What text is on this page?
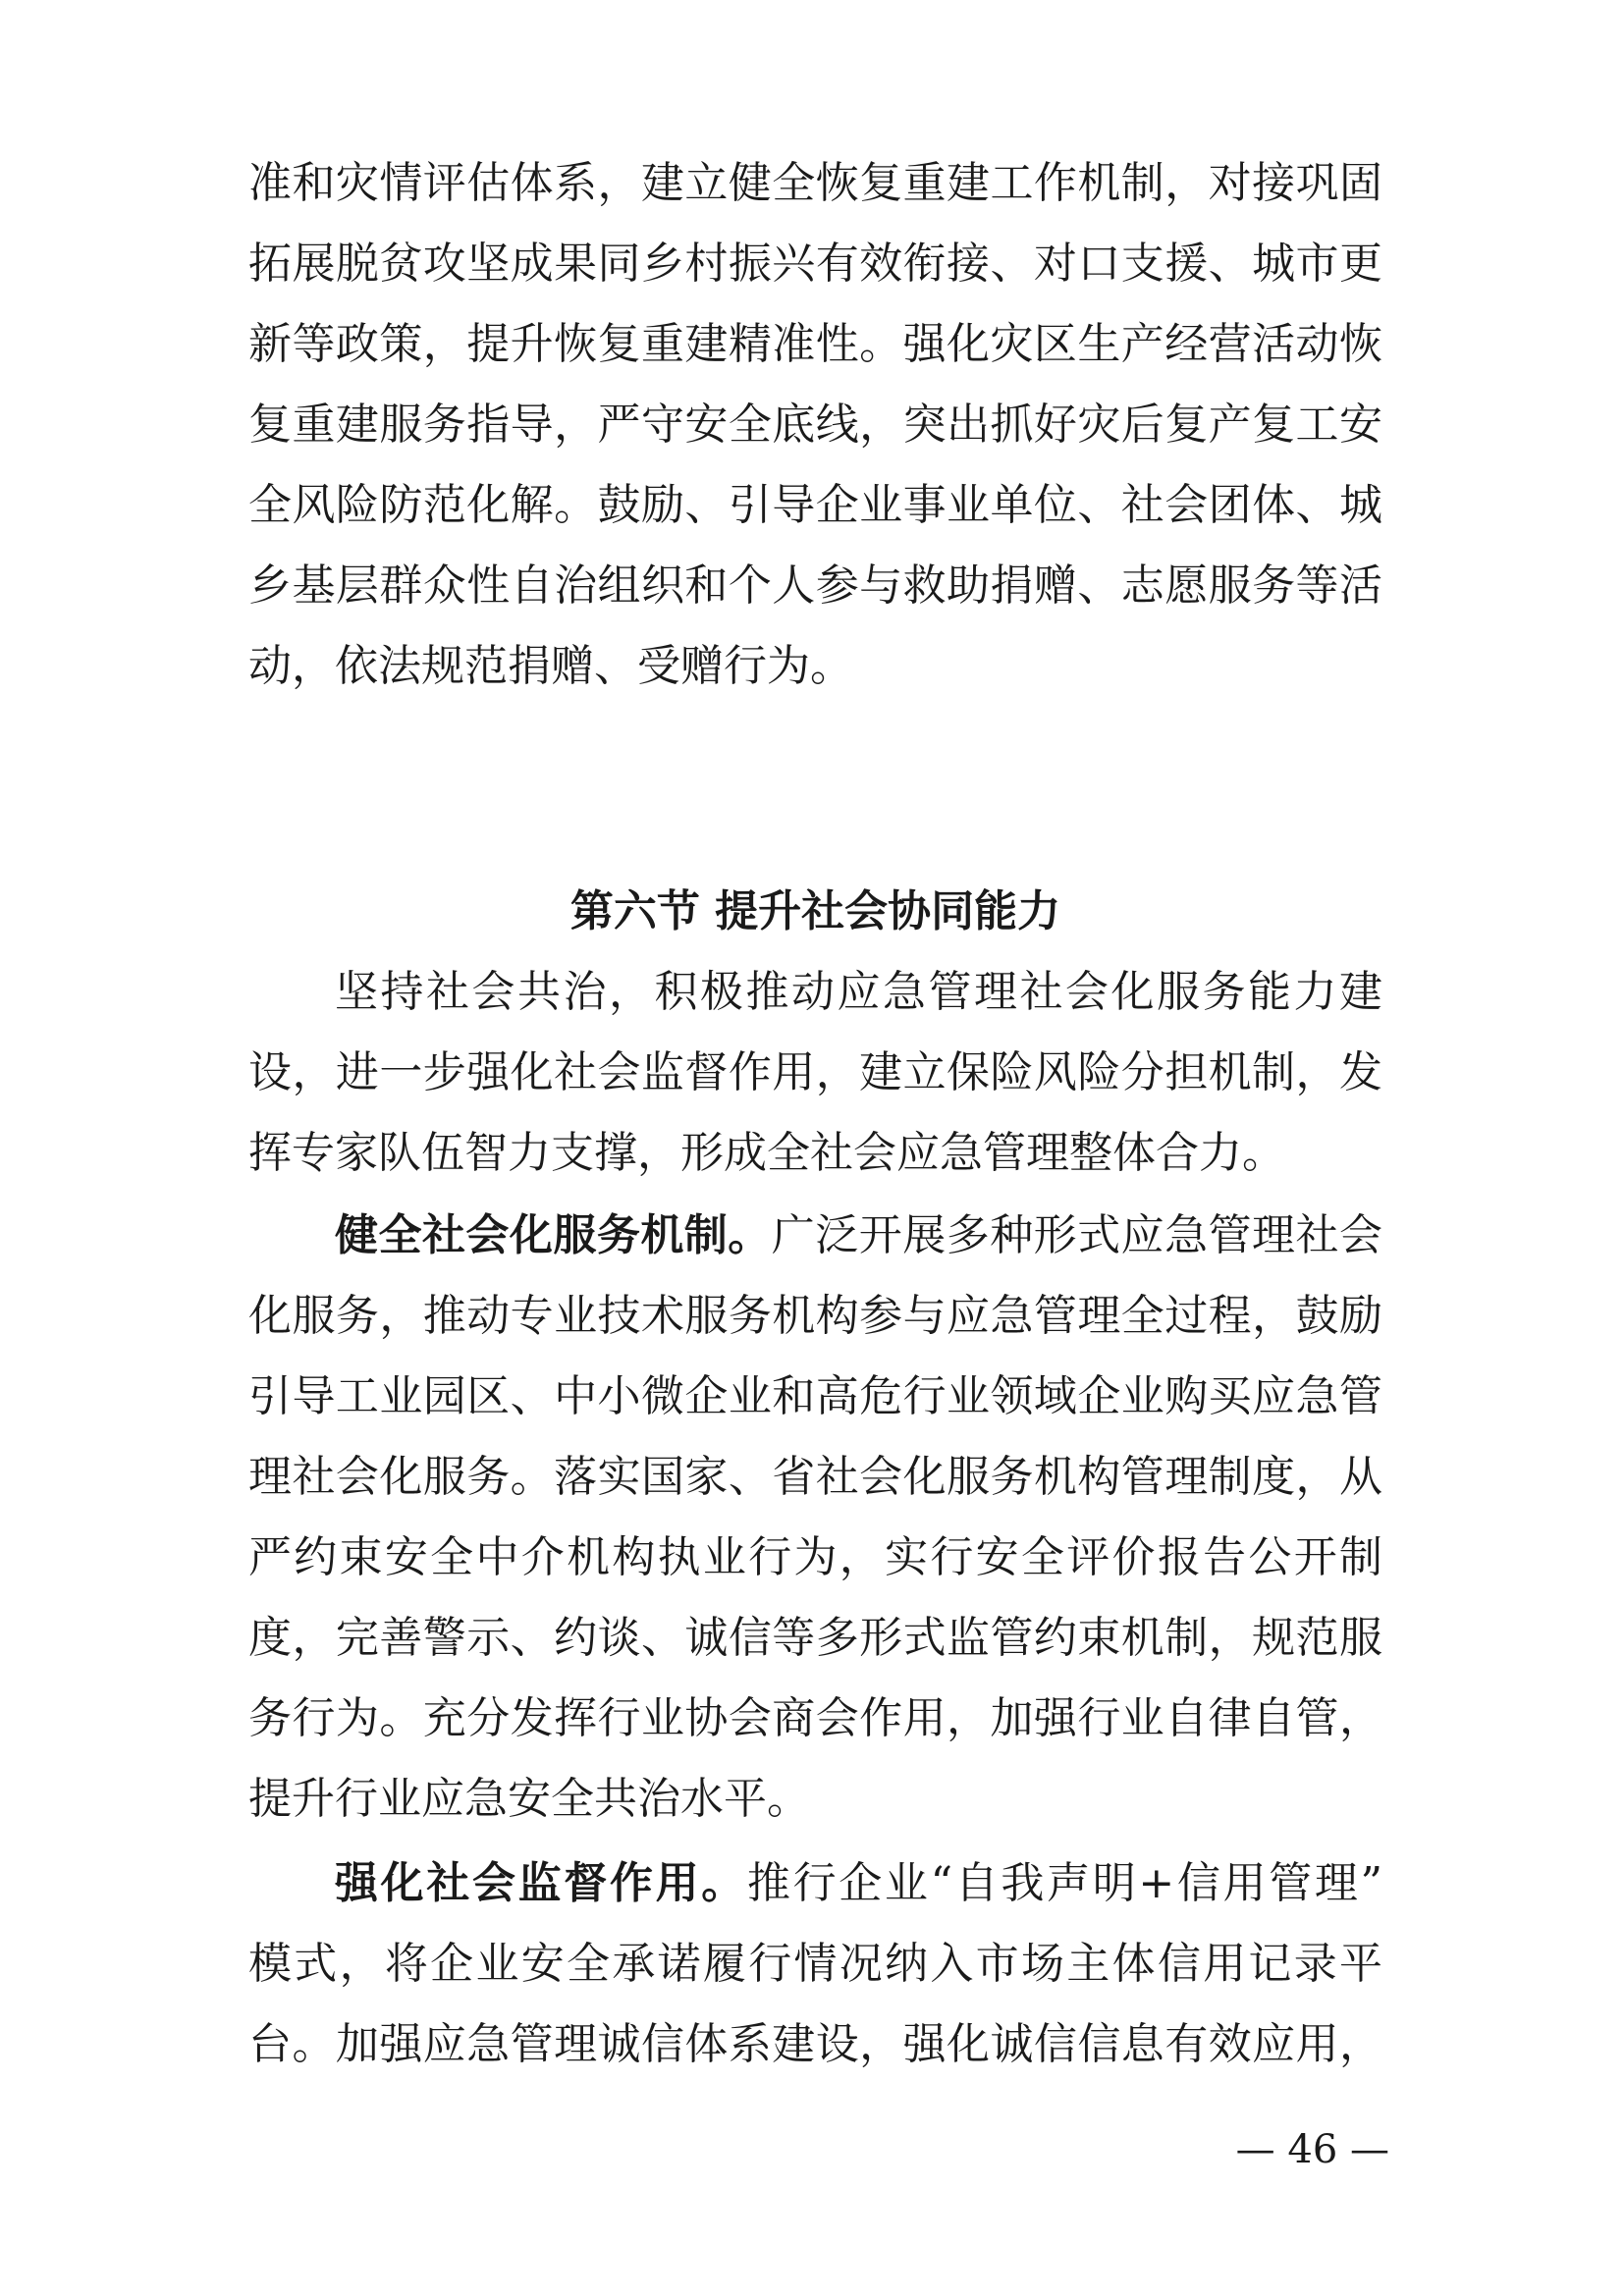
准和灾情评估体系，建立健全恢复重建工作机制，对接巩固
拓展脱贫攻坚成果同乡村振兴有效衔接、对口支援、城市更
新等政策，提升恢复重建精准性。强化灾区生产经营活动恢
复重建服务指导，严守安全底线，突出抓好灾后复产复工安
全风险防范化解。鼓励、引导企业事业单位、社会团体、城
乡基层群众性自治组织和个人参与救助捐赠、志愿服务等活
动，依法规范捐赠、受赠行为。
第六节 提升社会协同能力
坚持社会共治，积极推动应急管理社会化服务能力建
设，进一步强化社会监督作用，建立保险风险分担机制，发
挥专家队伍智力支撑，形成全社会应急管理整体合力。
健全社会化服务机制。广泛开展多种形式应急管理社会
化服务，推动专业技术服务机构参与应急管理全过程，鼓励
引导工业园区、中小微企业和高危行业领域企业购买应急管
理社会化服务。落实国家、省社会化服务机构管理制度，从
严约束安全中介机构执业行为，实行安全评价报告公开制
度，完善警示、约谈、诚信等多形式监管约束机制，规范服
务行为。充分发挥行业协会商会作用，加强行业自律自管，
提升行业应急安全共治水平。
强化社会监督作用。推行企业“自我声明+信用管理”
模式，将企业安全承诺履行情况纳入市场主体信用记录平
台。加强应急管理诚信体系建设，强化诚信信息有效应用，
— 46 —
